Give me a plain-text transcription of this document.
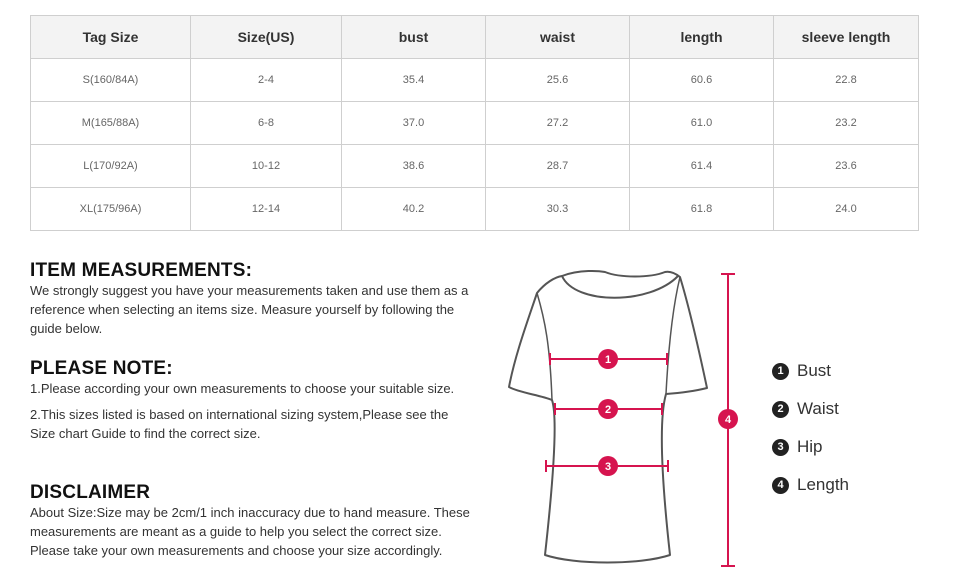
Tag Size	Size(US)	bust	waist	length	sleeve length
S(160/84A)	2-4	35.4	25.6	60.6	22.8
M(165/88A)	6-8	37.0	27.2	61.0	23.2
L(170/92A)	10-12	38.6	28.7	61.4	23.6
XL(175/96A)	12-14	40.2	30.3	61.8	24.0
ITEM MEASUREMENTS:

We strongly suggest you have your measurements taken and use them as a reference when selecting an items size. Measure yourself by following the guide below.

PLEASE NOTE:

1.Please according your own measurements to choose your suitable size.

2.This sizes listed is based on international sizing system,Please see the Size chart Guide to find the correct size.

DISCLAIMER

About Size:Size may be 2cm/1 inch inaccuracy due to hand measure. These measurements are meant as a guide to help you select the correct size. Please take your own measurements and choose your size accordingly.

1
2
3
4
1 Bust
2 Waist
3 Hip
4 Length
